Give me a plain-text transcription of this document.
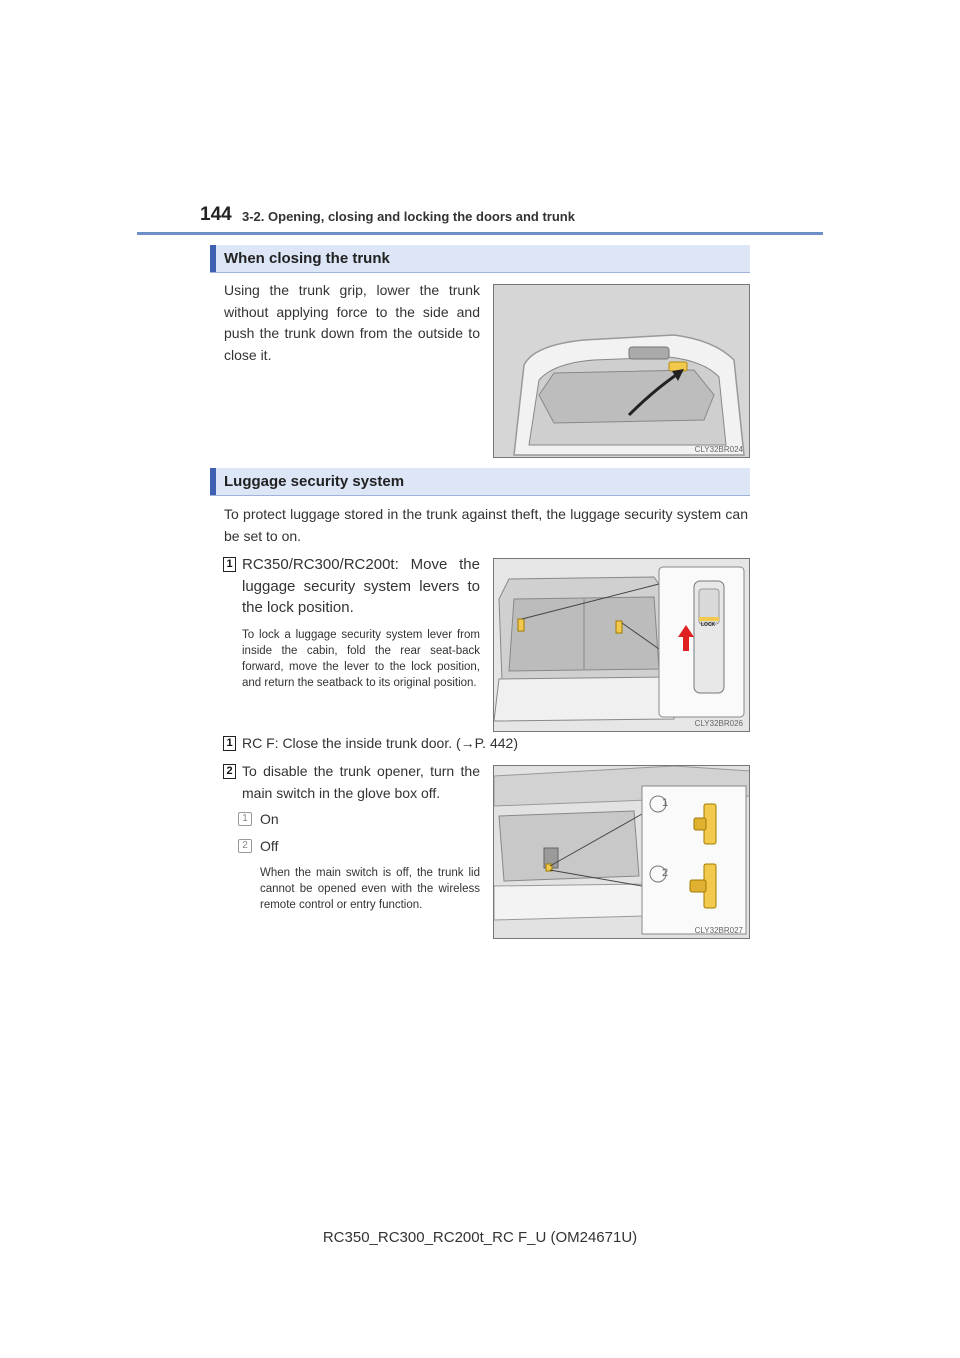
144 3-2. Opening, closing and locking the doors and trunk
When closing the trunk
Using the trunk grip, lower the trunk without applying force to the side and push the trunk down from the outside to close it.
CLY32BR024
Luggage security system
To protect luggage stored in the trunk against theft, the luggage security system can be set to on.
1 RC350/RC300/RC200t: Move the luggage security system levers to the lock position.
To lock a luggage security system lever from inside the cabin, fold the rear seat-back forward, move the lever to the lock position, and return the seatback to its original position.
LOCK
CLY32BR026
1 RC F: Close the inside trunk door. (→P. 442)
2 To disable the trunk opener, turn the main switch in the glove box off.
1 On
2 Off
When the main switch is off, the trunk lid cannot be opened even with the wireless remote control or entry function.
1
2
CLY32BR027
RC350_RC300_RC200t_RC F_U (OM24671U)
